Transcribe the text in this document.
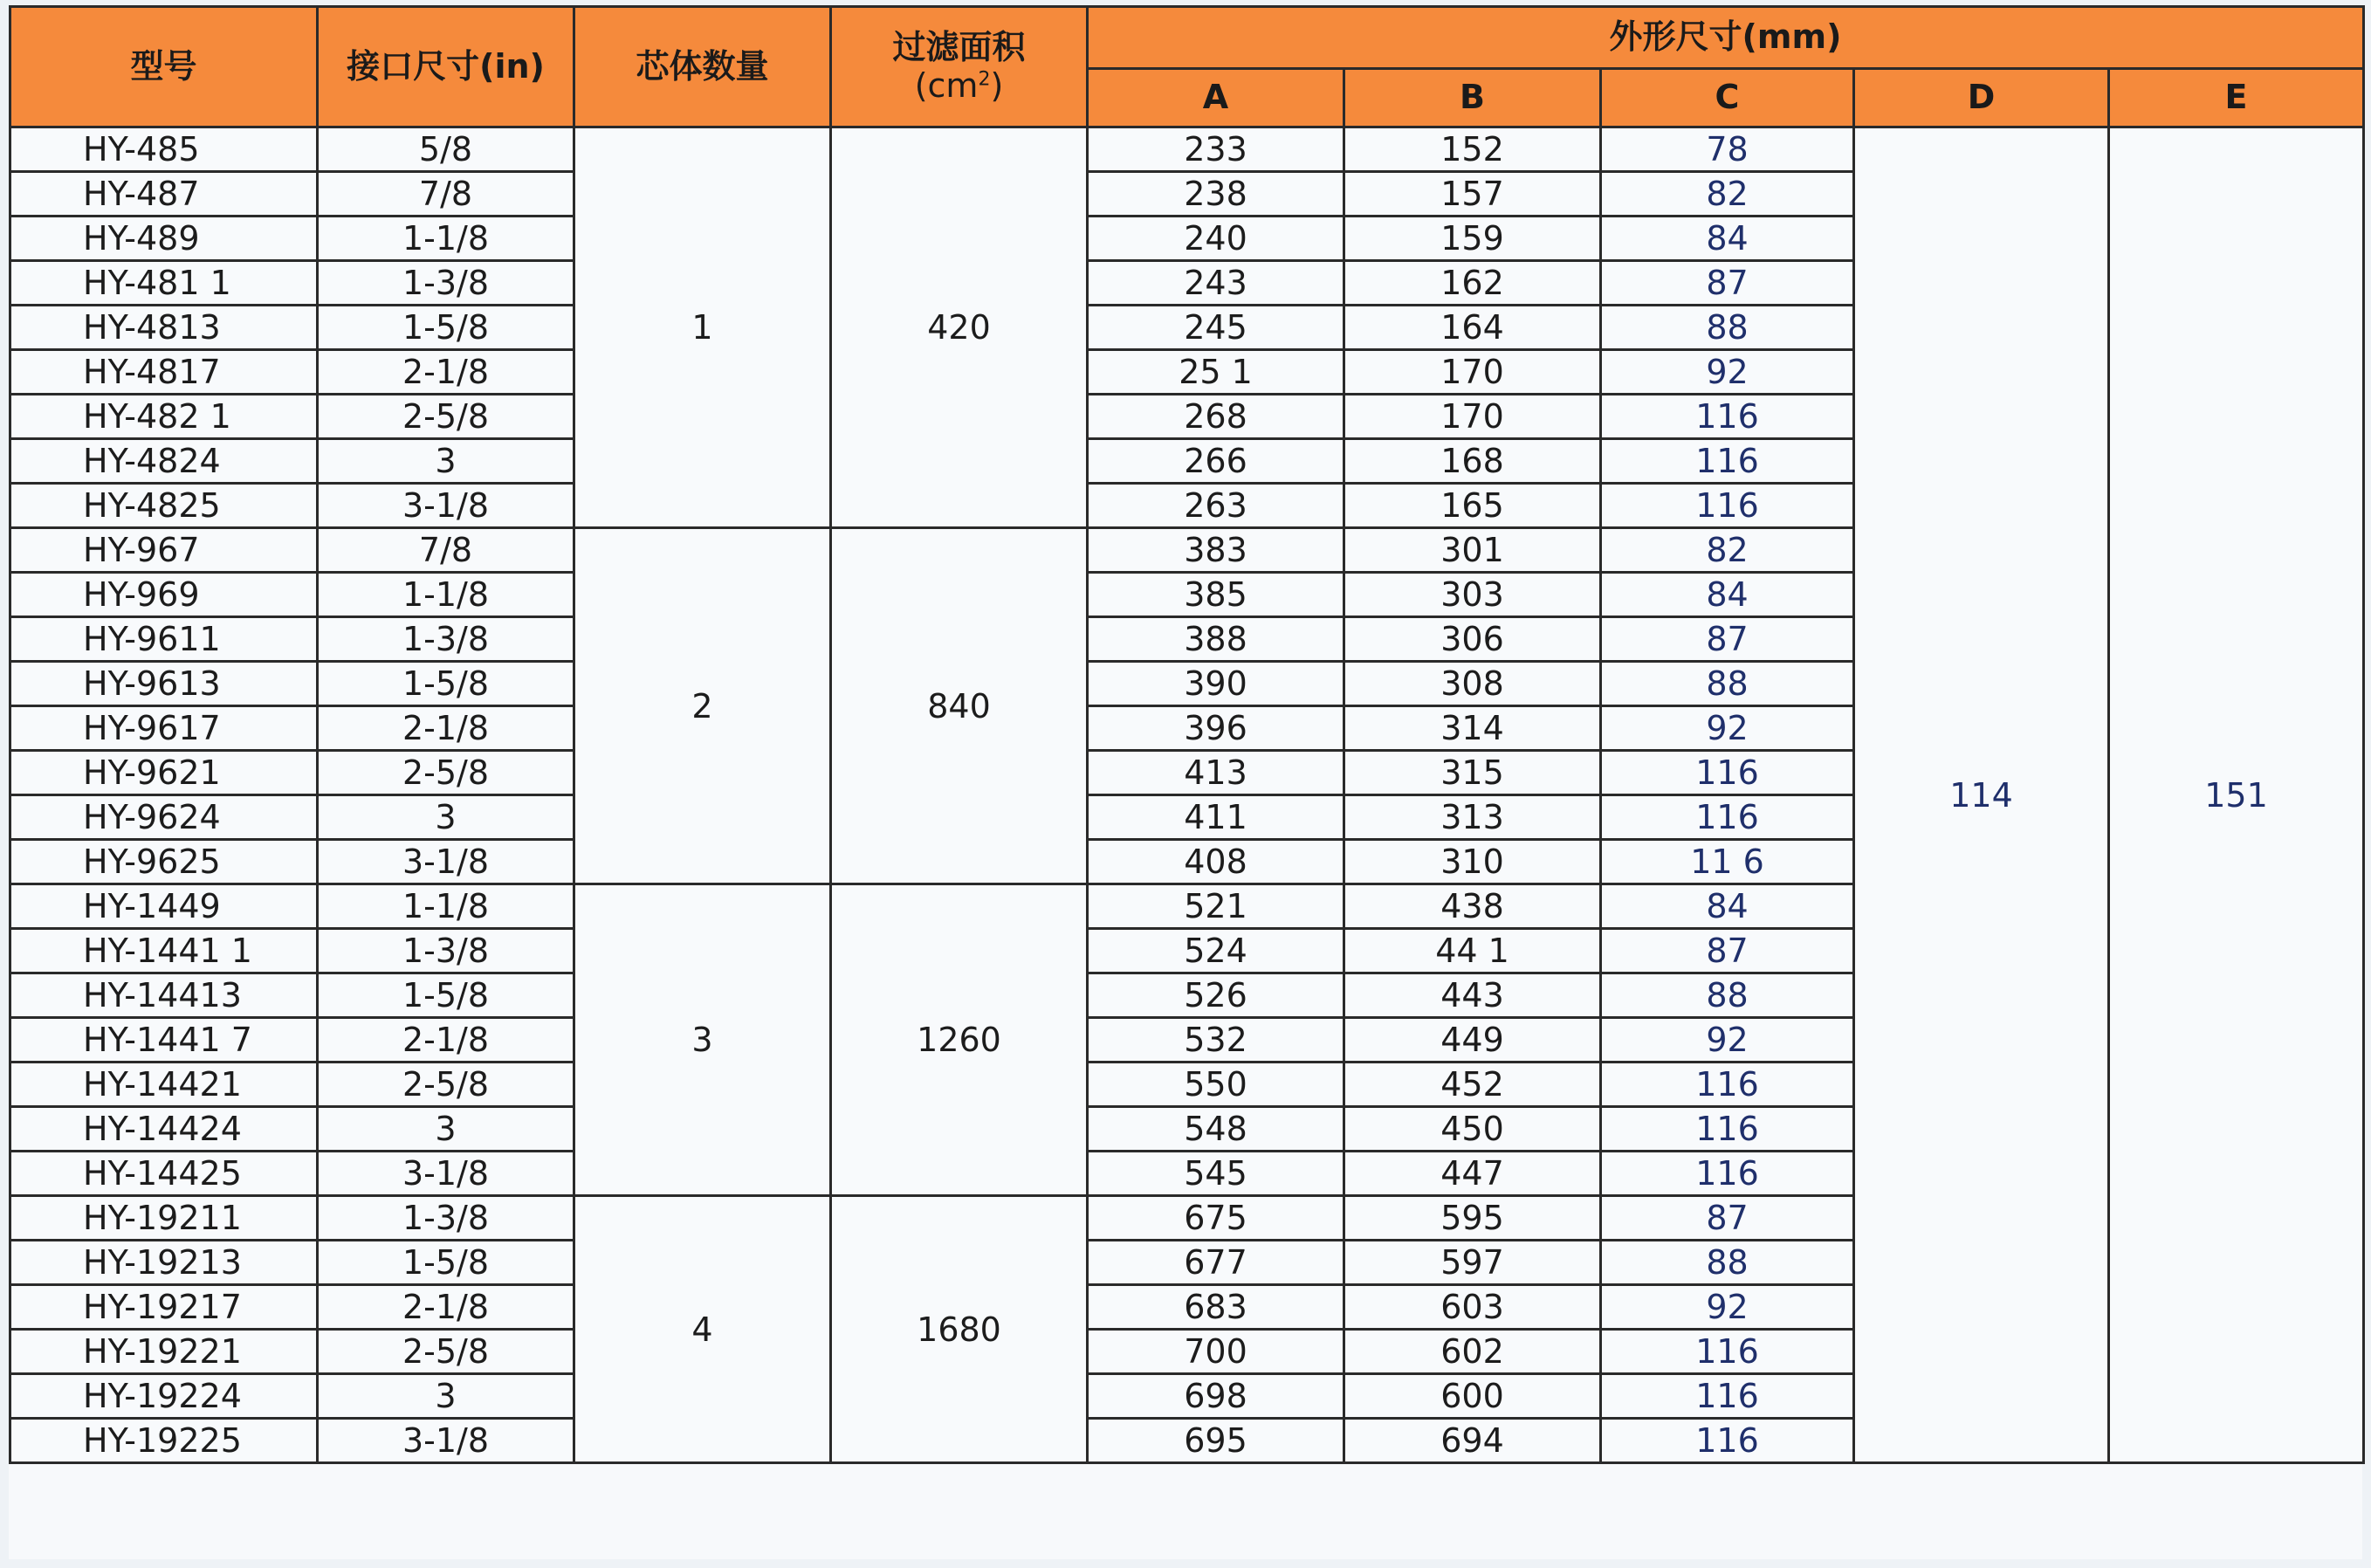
型号	接口尺寸(in)	芯体数量	过滤面积
$(cm^2)$	外形尺寸(mm)				
				A	B	C	D	E
HY-485	5/8	1	420	233	152	78	114	151
HY-487	7/8			238	157	82		
HY-489	1-1/8			240	159	84		
HY-481 1	1-3/8			243	162	87		
HY-4813	1-5/8			245	164	88		
HY-4817	2-1/8			25 1	170	92		
HY-482 1	2-5/8			268	170	116		
HY-4824	3			266	168	116		
HY-4825	3-1/8			263	165	116		
HY-967	7/8	2	840	383	301	82		
HY-969	1-1/8			385	303	84		
HY-9611	1-3/8			388	306	87		
HY-9613	1-5/8			390	308	88		
HY-9617	2-1/8			396	314	92		
HY-9621	2-5/8			413	315	116		
HY-9624	3			411	313	116		
HY-9625	3-1/8			408	310	11 6		
HY-1449	1-1/8	3	1260	521	438	84		
HY-1441 1	1-3/8			524	44 1	87		
HY-14413	1-5/8			526	443	88		
HY-1441 7	2-1/8			532	449	92		
HY-14421	2-5/8			550	452	116		
HY-14424	3			548	450	116		
HY-14425	3-1/8			545	447	116		
HY-19211	1-3/8	4	1680	675	595	87		
HY-19213	1-5/8			677	597	88		
HY-19217	2-1/8			683	603	92		
HY-19221	2-5/8			700	602	116		
HY-19224	3			698	600	116		
HY-19225	3-1/8			695	694	116		
